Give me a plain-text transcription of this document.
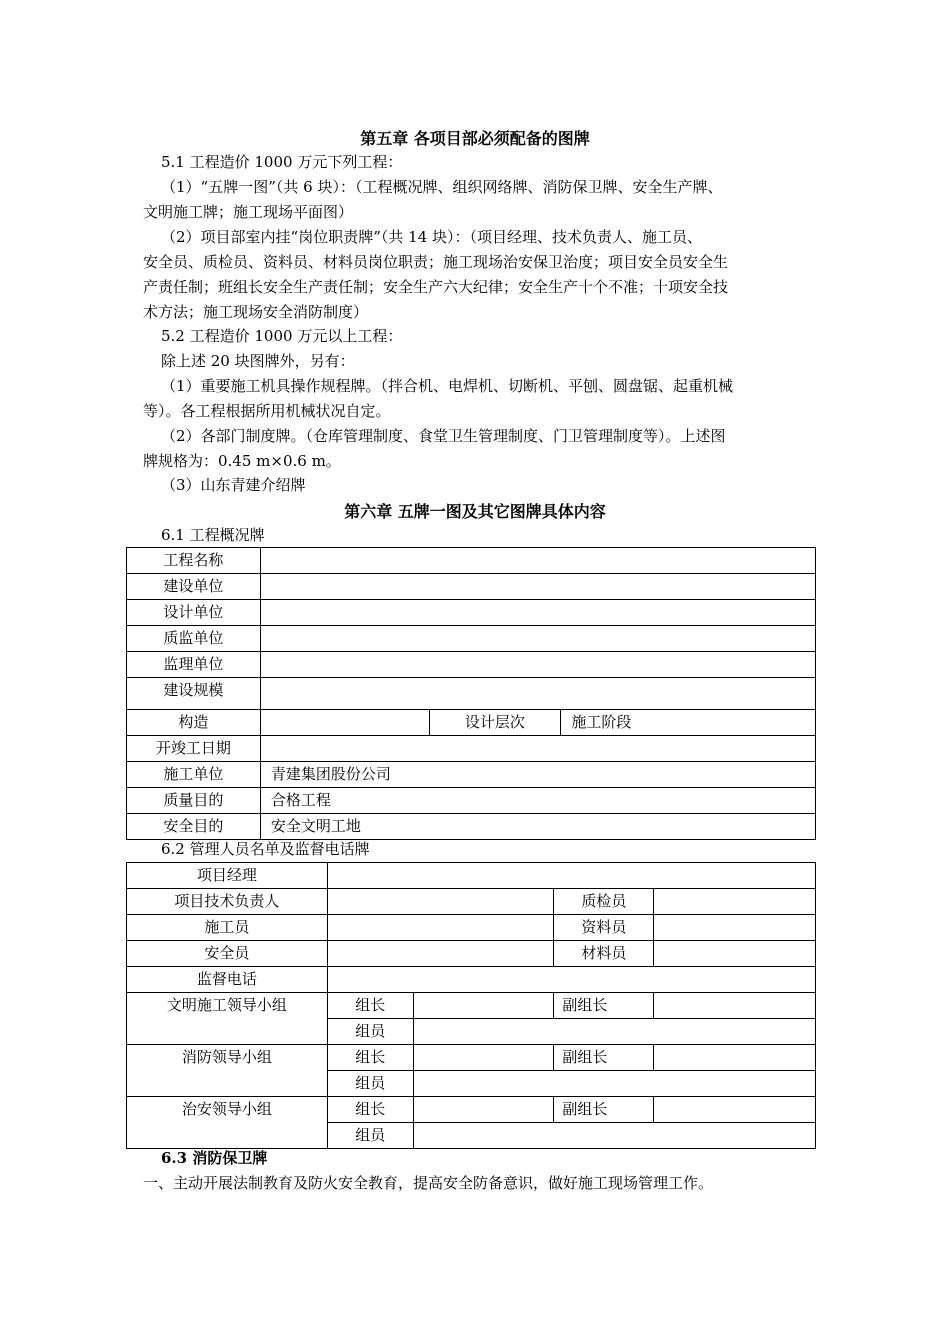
第五章 各项目部必须配备的图牌
5.1 工程造价 1000 万元下列工程：
（1）“五牌一图”（共 6 块）：（工程概况牌、组织网络牌、消防保卫牌、安全生产牌、
文明施工牌；施工现场平面图）
（2）项目部室内挂“岗位职责牌”（共 14 块）：（项目经理、技术负责人、施工员、
安全员、质检员、资料员、材料员岗位职责；施工现场治安保卫治度；项目安全员安全生
产责任制；班组长安全生产责任制；安全生产六大纪律；安全生产十个不准；十项安全技
术方法；施工现场安全消防制度）
5.2 工程造价 1000 万元以上工程：
除上述 20 块图牌外，另有：
（1）重要施工机具操作规程牌。（拌合机、电焊机、切断机、平刨、圆盘锯、起重机械
等）。各工程根据所用机械状况自定。
（2）各部门制度牌。（仓库管理制度、食堂卫生管理制度、门卫管理制度等）。上述图
牌规格为：0.45 m×0.6 m。
（3）山东青建介绍牌
第六章 五牌一图及其它图牌具体内容
6.1 工程概况牌
工程名称			
建设单位			
设计单位			
质监单位			
监理单位			
建设规模			
构造		设计层次	施工阶段
开竣工日期			
施工单位	青建集团股份公司		
质量目的	合格工程		
安全目的	安全文明工地		
6.2 管理人员名单及监督电话牌
项目经理				
项目技术负责人			质检员	
施工员			资料员	
安全员			材料员	
监督电话				
文明施工领导小组	组长		副组长	
	组员			
消防领导小组	组长		副组长	
	组员			
治安领导小组	组长		副组长	
	组员			
6.3 消防保卫牌
一、主动开展法制教育及防火安全教育，提高安全防备意识，做好施工现场管理工作。
